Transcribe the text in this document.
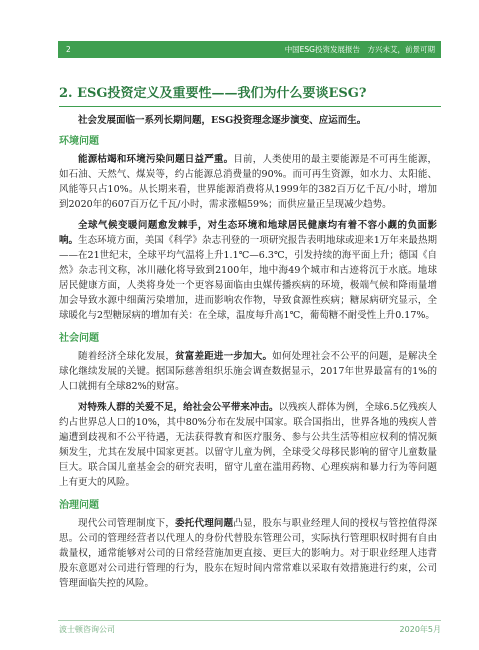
2	中国ESG投资发展报告　方兴未艾，前景可期
2. ESG投资定义及重要性——我们为什么要谈ESG?

社会发展面临一系列长期问题，ESG投资理念逐步演变、应运而生。

环境问题

能源枯竭和环境污染问题日益严重。目前，人类使用的最主要能源是不可再生能源，如石油、天然气、煤炭等，约占能源总消费量的90%。而可再生资源，如水力、太阳能、风能等只占10%。从长期来看，世界能源消费将从1999年的382百万亿千瓦/小时，增加到2020年的607百万亿千瓦/小时，需求涨幅59%；而供应量正呈现减少趋势。

全球气候变暖问题愈发棘手，对生态环境和地球居民健康均有着不容小觑的负面影响。生态环境方面，美国《科学》杂志刊登的一项研究报告表明地球或迎来1万年来最热期——在21世纪末，全球平均气温将上升1.1℃—6.3℃，引发持续的海平面上升；德国《自然》杂志刊文称，冰川融化将导致到2100年，地中海49个城市和古迹将沉于水底。地球居民健康方面，人类将身处一个更容易面临由虫媒传播疾病的环境，极端气候和降雨量增加会导致水源中细菌污染增加，进而影响农作物，导致食源性疾病；糖尿病研究显示，全球暖化与2型糖尿病的增加有关：在全球，温度每升高1℃，葡萄糖不耐受性上升0.17%。

社会问题

随着经济全球化发展，贫富差距进一步加大。如何处理社会不公平的问题，是解决全球化继续发展的关键。据国际慈善组织乐施会调查数据显示，2017年世界最富有的1%的人口就拥有全球82%的财富。

对特殊人群的关爱不足，给社会公平带来冲击。以残疾人群体为例，全球6.5亿残疾人约占世界总人口的10%，其中80%分布在发展中国家。联合国指出，世界各地的残疾人普遍遭到歧视和不公平待遇，无法获得教育和医疗服务、参与公共生活等相应权利的情况频频发生，尤其在发展中国家更甚。以留守儿童为例，全球受父母移民影响的留守儿童数量巨大。联合国儿童基金会的研究表明，留守儿童在滥用药物、心理疾病和暴力行为等问题上有更大的风险。

治理问题

现代公司管理制度下，委托代理问题凸显，股东与职业经理人间的授权与管控值得深思。公司的管理经营者以代理人的身份代替股东管理公司，实际执行管理职权时拥有自由裁量权，通常能够对公司的日常经营施加更直接、更巨大的影响力。对于职业经理人违背股东意愿对公司进行管理的行为，股东在短时间内常常难以采取有效措施进行约束，公司管理面临失控的风险。

波士顿咨询公司	2020年5月
